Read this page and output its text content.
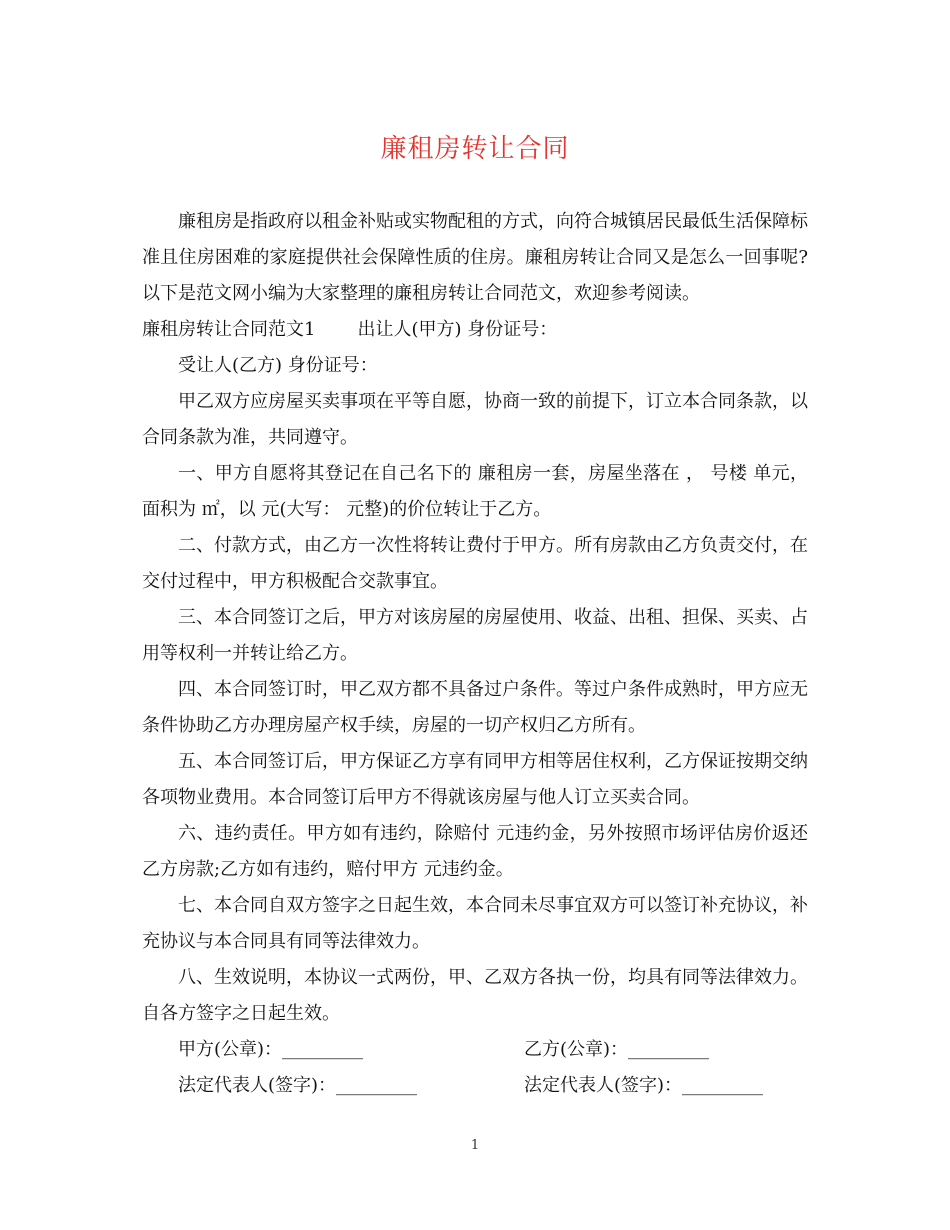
廉租房转让合同

廉租房是指政府以租金补贴或实物配租的方式，向符合城镇居民最低生活保障标准且住房困难的家庭提供社会保障性质的住房。廉租房转让合同又是怎么一回事呢?以下是范文网小编为大家整理的廉租房转让合同范文，欢迎参考阅读。

廉租房转让合同范文1 出让人(甲方) 身份证号：

受让人(乙方) 身份证号：

甲乙双方应房屋买卖事项在平等自愿，协商一致的前提下，订立本合同条款，以合同条款为准，共同遵守。

一、甲方自愿将其登记在自己名下的 廉租房一套，房屋坐落在 ， 号楼 单元，面积为 ㎡，以 元(大写： 元整)的价位转让于乙方。

二、付款方式，由乙方一次性将转让费付于甲方。所有房款由乙方负责交付，在交付过程中，甲方积极配合交款事宜。

三、本合同签订之后，甲方对该房屋的房屋使用、收益、出租、担保、买卖、占用等权利一并转让给乙方。

四、本合同签订时，甲乙双方都不具备过户条件。等过户条件成熟时，甲方应无条件协助乙方办理房屋产权手续，房屋的一切产权归乙方所有。

五、本合同签订后，甲方保证乙方享有同甲方相等居住权利，乙方保证按期交纳各项物业费用。本合同签订后甲方不得就该房屋与他人订立买卖合同。

六、违约责任。甲方如有违约，除赔付 元违约金，另外按照市场评估房价返还乙方房款;乙方如有违约，赔付甲方 元违约金。

七、本合同自双方签字之日起生效，本合同未尽事宜双方可以签订补充协议，补充协议与本合同具有同等法律效力。

八、生效说明，本协议一式两份，甲、乙双方各执一份，均具有同等法律效力。自各方签字之日起生效。

甲方(公章)：_________	乙方(公章)：_________
法定代表人(签字)：_________	法定代表人(签字)：_________
1
